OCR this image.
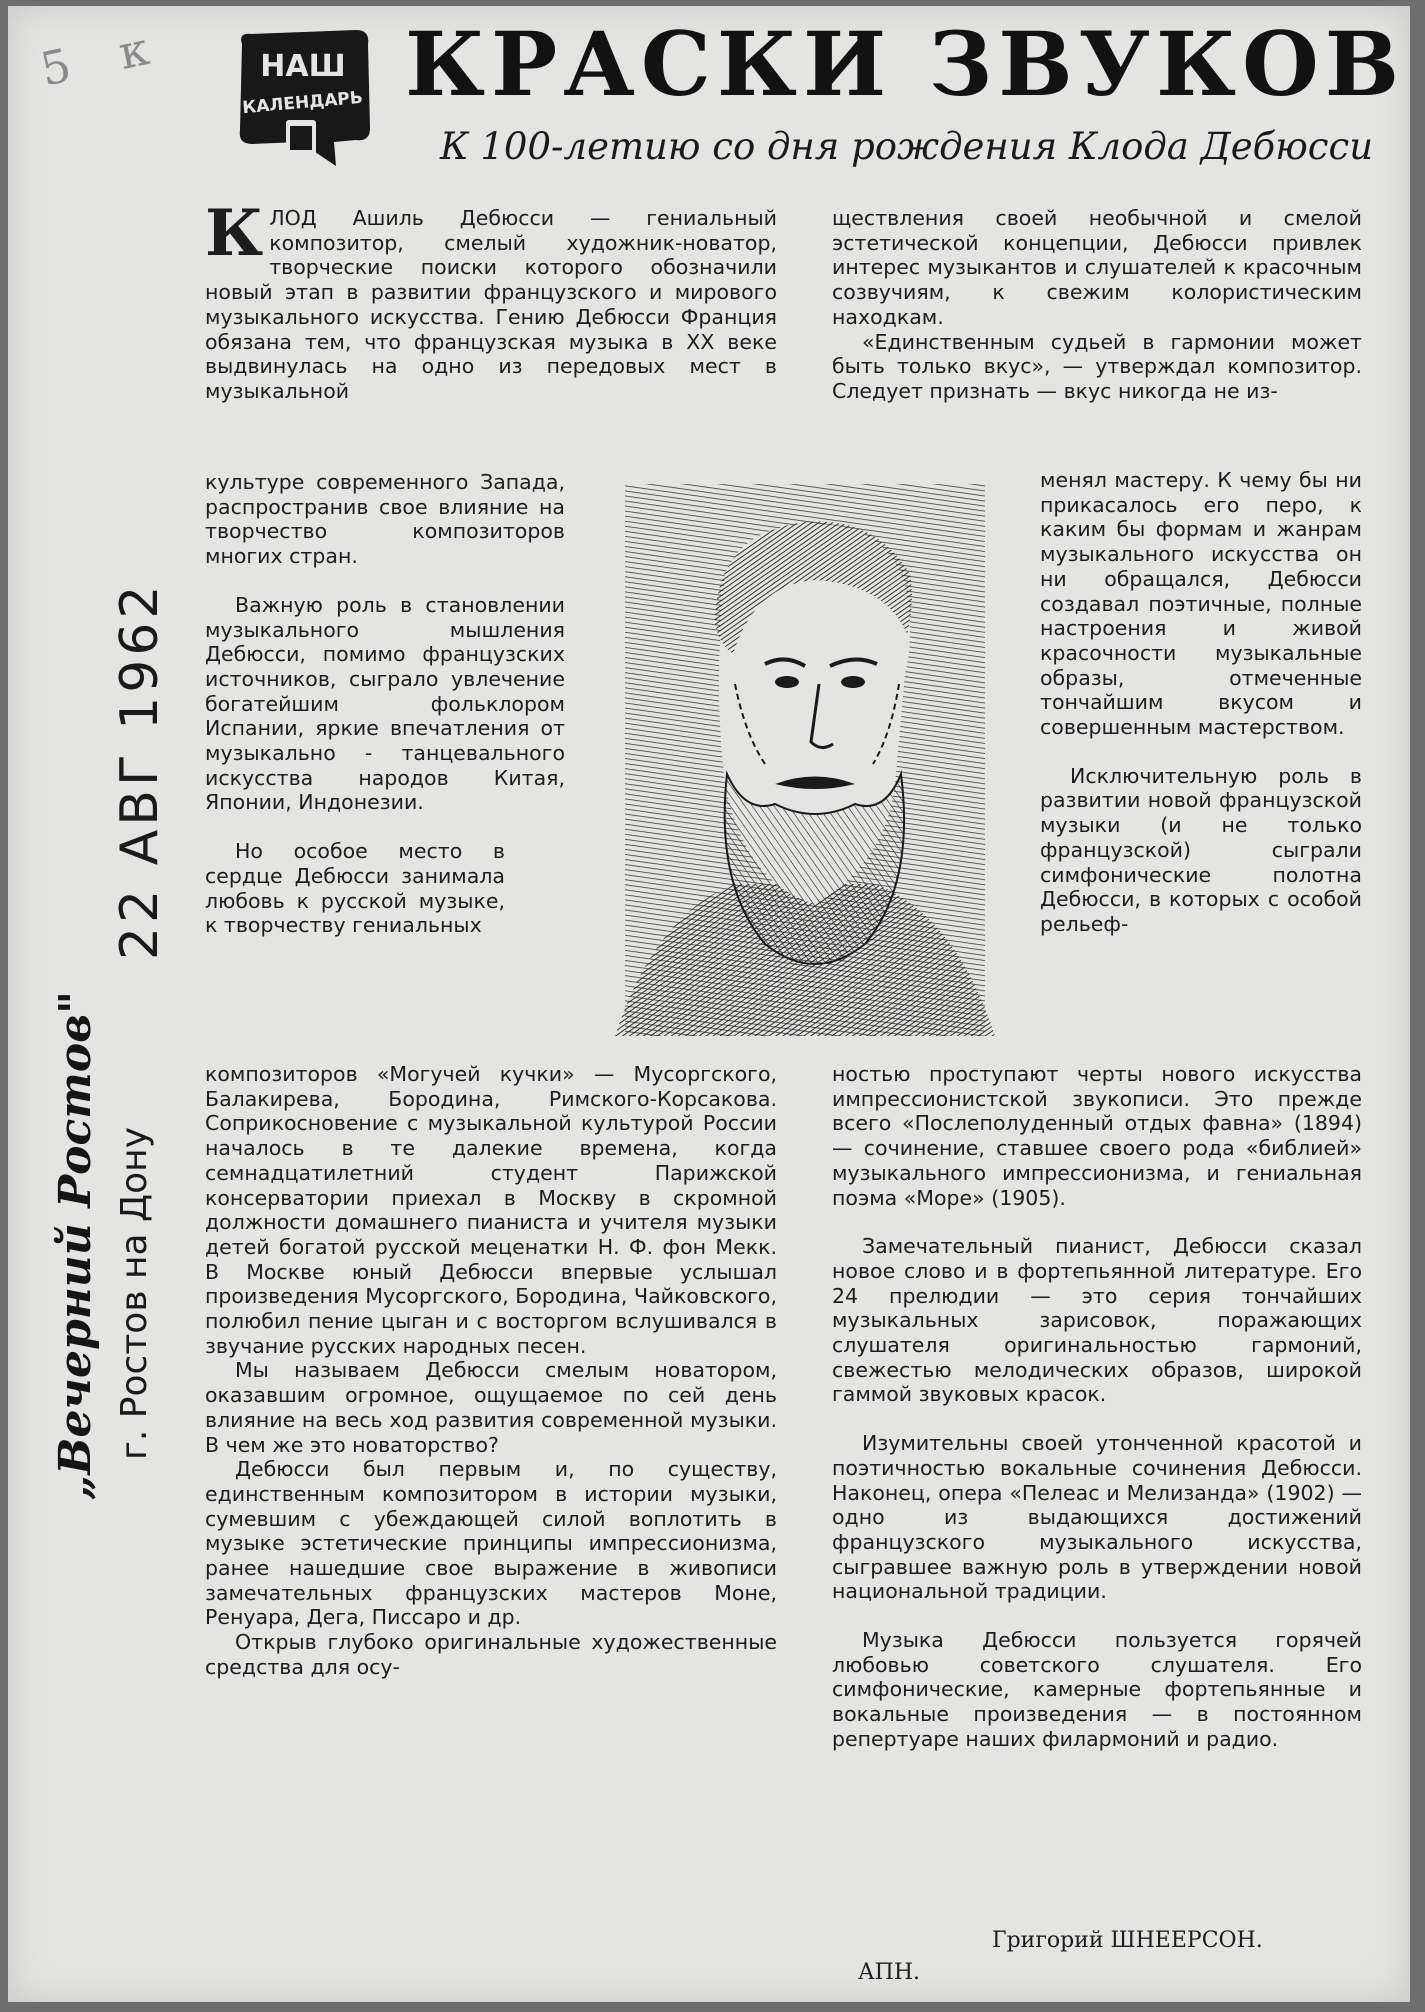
5 к	НАШ
КАЛЕНДАРЬ КРАСКИ ЗВУКОВ
К 100-летию со дня рождения Клода Дебюсси
„Вечерний Ростов" г. Ростов на Дону
22 АВГ 1962

КЛОД Ашиль Дебюсси — гениальный композитор, смелый художник-новатор, творческие поиски которого обозначили новый этап в развитии французского и мирового музыкального искусства. Гению Дебюсси Франция обязана тем, что французская музыка в XX веке выдвинулась на одно из передовых мест в музыкальной

культуре современного Запада, распространив свое влияние на творчество композиторов многих стран.

Важную роль в становлении музыкального мышления Дебюсси, помимо французских источников, сыграло увлечение богатейшим фольклором Испании, яркие впечатления от музыкально - танцевального искусства народов Китая, Японии, Индонезии.

Но особое место в сердце Дебюсси занимала любовь к русской музыке, к творчеству гениальных

композиторов «Могучей кучки» — Мусоргского, Балакирева, Бородина, Римского-Корсакова. Соприкосновение с музыкальной культурой России началось в те далекие времена, когда семнадцатилетний студент Парижской консерватории приехал в Москву в скромной должности домашнего пианиста и учителя музыки детей богатой русской меценатки Н. Ф. фон Мекк. В Москве юный Дебюсси впервые услышал произведения Мусоргского, Бородина, Чайковского, полюбил пение цыган и с восторгом вслушивался в звучание русских народных песен.

Мы называем Дебюсси смелым новатором, оказавшим огромное, ощущаемое по сей день влияние на весь ход развития современной музыки. В чем же это новаторство?

Дебюсси был первым и, по существу, единственным композитором в истории музыки, сумевшим с убеждающей силой воплотить в музыке эстетические принципы импрессионизма, ранее нашедшие свое выражение в живописи замечательных французских мастеров Моне, Ренуара, Дега, Писсаро и др.

Открыв глубоко оригинальные художественные средства для осу-

ществления своей необычной и смелой эстетической концепции, Дебюсси привлек интерес музыкантов и слушателей к красочным созвучиям, к свежим колористическим находкам.

«Единственным судьей в гармонии может быть только вкус», — утверждал композитор. Следует признать — вкус никогда не из-

менял мастеру. К чему бы ни прикасалось его перо, к каким бы формам и жанрам музыкального искусства он ни обращался, Дебюсси создавал поэтичные, полные настроения и живой красочности музыкальные образы, отмеченные тончайшим вкусом и совершенным мастерством.

Исключительную роль в развитии новой французской музыки (и не только французской) сыграли симфонические полотна Дебюсси, в которых с особой рельеф-

ностью проступают черты нового искусства импрессионистской звукописи. Это прежде всего «Послеполуденный отдых фавна» (1894) — сочинение, ставшее своего рода «библией» музыкального импрессионизма, и гениальная поэма «Море» (1905).

Замечательный пианист, Дебюсси сказал новое слово и в фортепьянной литературе. Его 24 прелюдии — это серия тончайших музыкальных зарисовок, поражающих слушателя оригинальностью гармоний, свежестью мелодических образов, широкой гаммой звуковых красок.

Изумительны своей утонченной красотой и поэтичностью вокальные сочинения Дебюсси. Наконец, опера «Пелеас и Мелизанда» (1902) — одно из выдающихся достижений французского музыкального искусства, сыгравшее важную роль в утверждении новой национальной традиции.

Музыка Дебюсси пользуется горячей любовью советского слушателя. Его симфонические, камерные фортепьянные и вокальные произведения — в постоянном репертуаре наших филармоний и радио.

Григорий ШНЕЕРСОН.
АПН.
